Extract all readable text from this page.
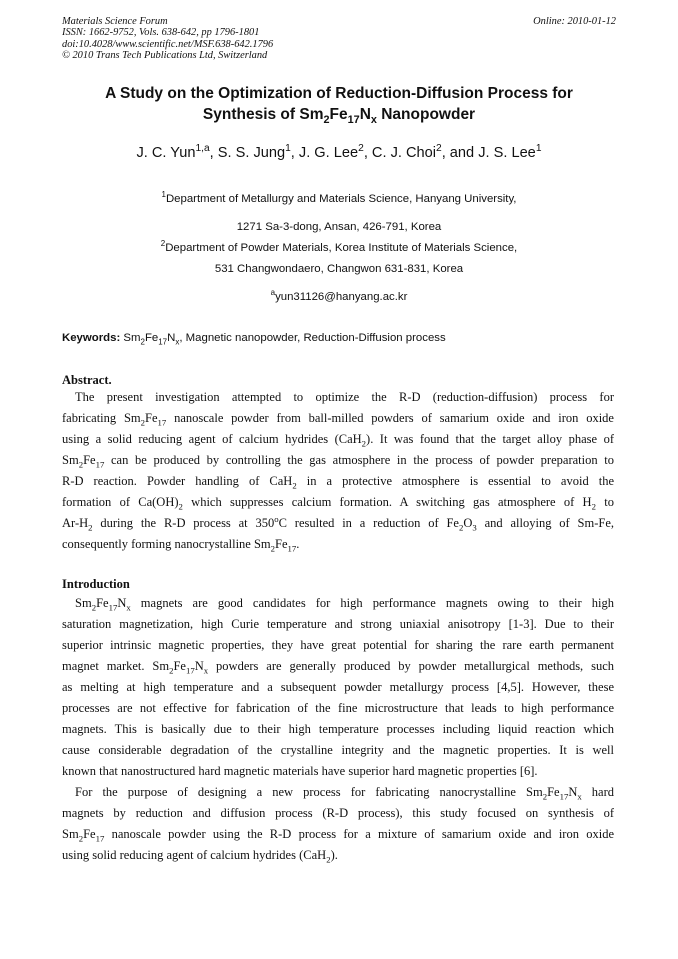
Materials Science Forum
ISSN: 1662-9752, Vols. 638-642, pp 1796-1801
doi:10.4028/www.scientific.net/MSF.638-642.1796
© 2010 Trans Tech Publications Ltd, Switzerland
Online: 2010-01-12
A Study on the Optimization of Reduction-Diffusion Process for
Synthesis of $Sm_2Fe_{17}N_x$ Nanopowder
J. C. Yun$^{1,a}$, S. S. Jung$^1$, J. G. Lee$^2$, C. J. Choi$^2$, and J. S. Lee$^1$
$^1$Department of Metallurgy and Materials Science, Hanyang University,
1271 Sa-3-dong, Ansan, 426-791, Korea
$^2$Department of Powder Materials, Korea Institute of Materials Science,
531 Changwondaero, Changwon 631-831, Korea
$^a$yun31126@hanyang.ac.kr
Keywords: $Sm_2Fe_{17}N_x$, Magnetic nanopowder, Reduction-Diffusion process
Abstract.
The present investigation attempted to optimize the R-D (reduction-diffusion) process for
fabricating $Sm_2Fe_{17}$ nanoscale powder from ball-milled powders of samarium oxide and iron oxide
using a solid reducing agent of calcium hydrides (CaH$_2$). It was found that the target alloy phase of
$Sm_2Fe_{17}$ can be produced by controlling the gas atmosphere in the process of powder preparation to
R-D reaction. Powder handling of CaH$_2$ in a protective atmosphere is essential to avoid the
formation of $Ca(OH)_2$ which suppresses calcium formation. A switching gas atmosphere of $H_2$ to
$Ar-H_2$ during the R-D process at 350$^o$C resulted in a reduction of $Fe_2O_3$ and alloying of Sm-Fe,
consequently forming nanocrystalline $Sm_2Fe_{17}$.
Introduction
$Sm_2Fe_{17}N_x$ magnets are good candidates for high performance magnets owing to their high
saturation magnetization, high Curie temperature and strong uniaxial anisotropy [1-3]. Due to their
superior intrinsic magnetic properties, they have great potential for sharing the rare earth permanent
magnet market. $Sm_2Fe_{17}N_x$ powders are generally produced by powder metallurgical methods, such
as melting at high temperature and a subsequent powder metallurgy process [4,5]. However, these
processes are not effective for fabrication of the fine microstructure that leads to high performance
magnets. This is basically due to their high temperature processes including liquid reaction which
cause considerable degradation of the crystalline integrity and the magnetic properties. It is well
known that nanostructured hard magnetic materials have superior hard magnetic properties [6].
For the purpose of designing a new process for fabricating nanocrystalline $Sm_2Fe_{17}N_x$ hard
magnets by reduction and diffusion process (R-D process), this study focused on synthesis of
$Sm_2Fe_{17}$ nanoscale powder using the R-D process for a mixture of samarium oxide and iron oxide
using solid reducing agent of calcium hydrides (CaH$_2$).
